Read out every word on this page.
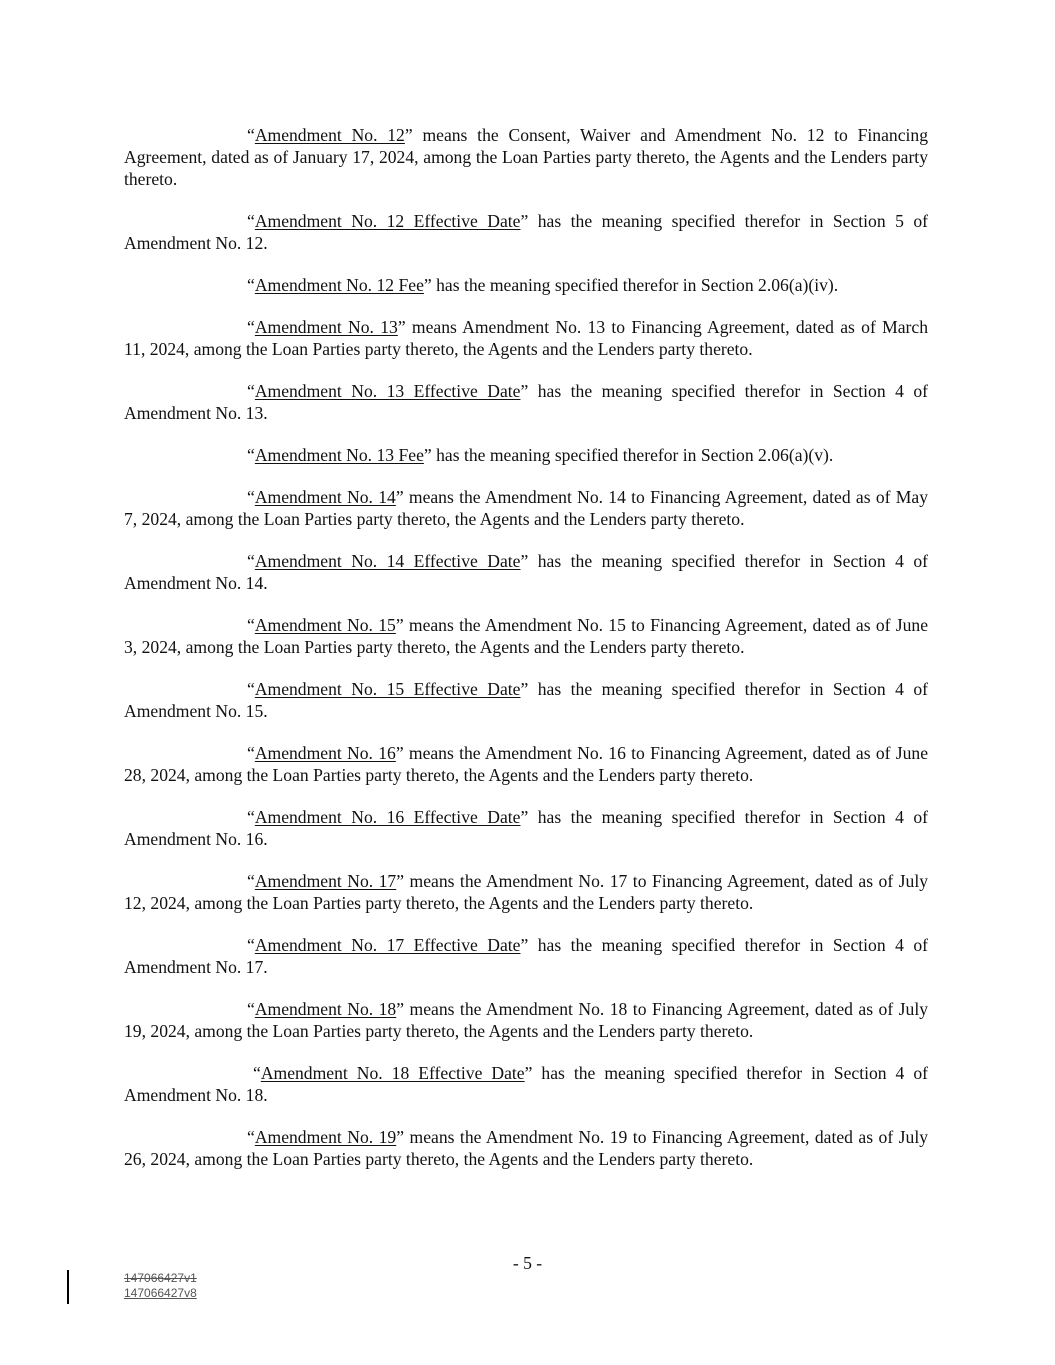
“Amendment No. 12” means the Consent, Waiver and Amendment No. 12 to Financing Agreement, dated as of January 17, 2024, among the Loan Parties party thereto, the Agents and the Lenders party thereto.

“Amendment No. 12 Effective Date” has the meaning specified therefor in Section 5 of Amendment No. 12.

“Amendment No. 12 Fee” has the meaning specified therefor in Section 2.06(a)(iv).

“Amendment No. 13” means Amendment No. 13 to Financing Agreement, dated as of March 11, 2024, among the Loan Parties party thereto, the Agents and the Lenders party thereto.

“Amendment No. 13 Effective Date” has the meaning specified therefor in Section 4 of Amendment No. 13.

“Amendment No. 13 Fee” has the meaning specified therefor in Section 2.06(a)(v).

“Amendment No. 14” means the Amendment No. 14 to Financing Agreement, dated as of May 7, 2024, among the Loan Parties party thereto, the Agents and the Lenders party thereto.

“Amendment No. 14 Effective Date” has the meaning specified therefor in Section 4 of Amendment No. 14.

“Amendment No. 15” means the Amendment No. 15 to Financing Agreement, dated as of June 3, 2024, among the Loan Parties party thereto, the Agents and the Lenders party thereto.

“Amendment No. 15 Effective Date” has the meaning specified therefor in Section 4 of Amendment No. 15.

“Amendment No. 16” means the Amendment No. 16 to Financing Agreement, dated as of June 28, 2024, among the Loan Parties party thereto, the Agents and the Lenders party thereto.

“Amendment No. 16 Effective Date” has the meaning specified therefor in Section 4 of Amendment No. 16.

“Amendment No. 17” means the Amendment No. 17 to Financing Agreement, dated as of July 12, 2024, among the Loan Parties party thereto, the Agents and the Lenders party thereto.

“Amendment No. 17 Effective Date” has the meaning specified therefor in Section 4 of Amendment No. 17.

“Amendment No. 18” means the Amendment No. 18 to Financing Agreement, dated as of July 19, 2024, among the Loan Parties party thereto, the Agents and the Lenders party thereto.

“Amendment No. 18 Effective Date” has the meaning specified therefor in Section 4 of Amendment No. 18.

“Amendment No. 19” means the Amendment No. 19 to Financing Agreement, dated as of July 26, 2024, among the Loan Parties party thereto, the Agents and the Lenders party thereto.

- 5 -
147066427v1
147066427v8
